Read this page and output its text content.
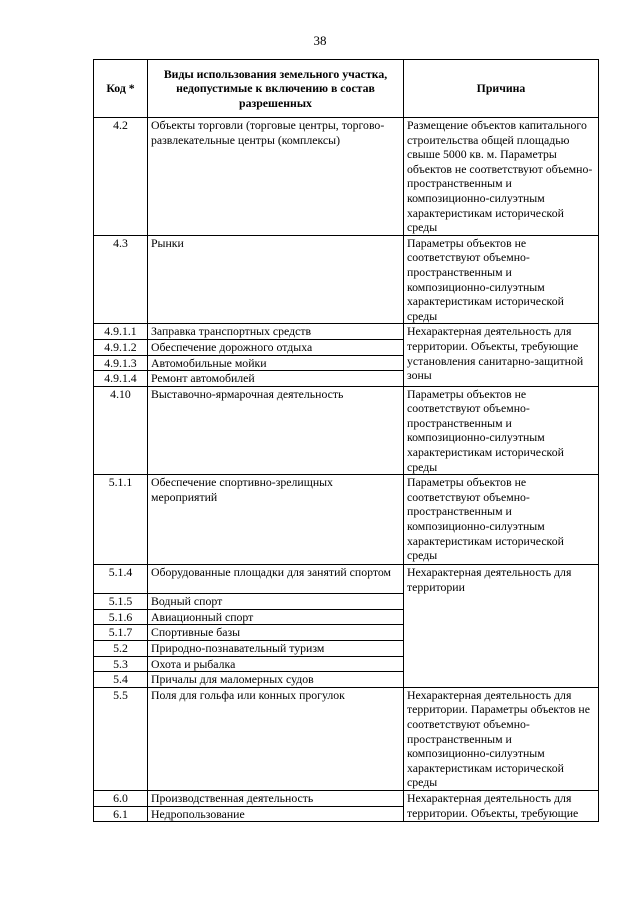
38
Код *	Виды использования земельного участка, недопустимые к включению в состав разрешенных	Причина
4.2	Объекты торговли (торговые центры, торгово-развлекательные центры (комплексы)	Размещение объектов капитального строительства общей площадью свыше 5000 кв. м. Параметры объектов не соответствуют объемно-пространственным и композиционно-силуэтным характеристикам исторической среды
4.3	Рынки	Параметры объектов не соответствуют объемно-пространственным и композиционно-силуэтным характеристикам исторической среды
4.9.1.1	Заправка транспортных средств	Нехарактерная деятельность для территории. Объекты, требующие установления санитарно-защитной зоны
4.9.1.2	Обеспечение дорожного отдыха	
4.9.1.3	Автомобильные мойки	
4.9.1.4	Ремонт автомобилей	
4.10	Выставочно-ярмарочная деятельность	Параметры объектов не соответствуют объемно-пространственным и композиционно-силуэтным характеристикам исторической среды
5.1.1	Обеспечение спортивно-зрелищных мероприятий	Параметры объектов не соответствуют объемно-пространственным и композиционно-силуэтным характеристикам исторической среды
5.1.4	Оборудованные площадки для занятий спортом	Нехарактерная деятельность для территории
5.1.5	Водный спорт	
5.1.6	Авиационный спорт	
5.1.7	Спортивные базы	
5.2	Природно-познавательный туризм	
5.3	Охота и рыбалка	
5.4	Причалы для маломерных судов	
5.5	Поля для гольфа или конных прогулок	Нехарактерная деятельность для территории. Параметры объектов не соответствуют объемно-пространственным и композиционно-силуэтным характеристикам исторической среды
6.0	Производственная деятельность	Нехарактерная деятельность для территории. Объекты, требующие
6.1	Недропользование	
